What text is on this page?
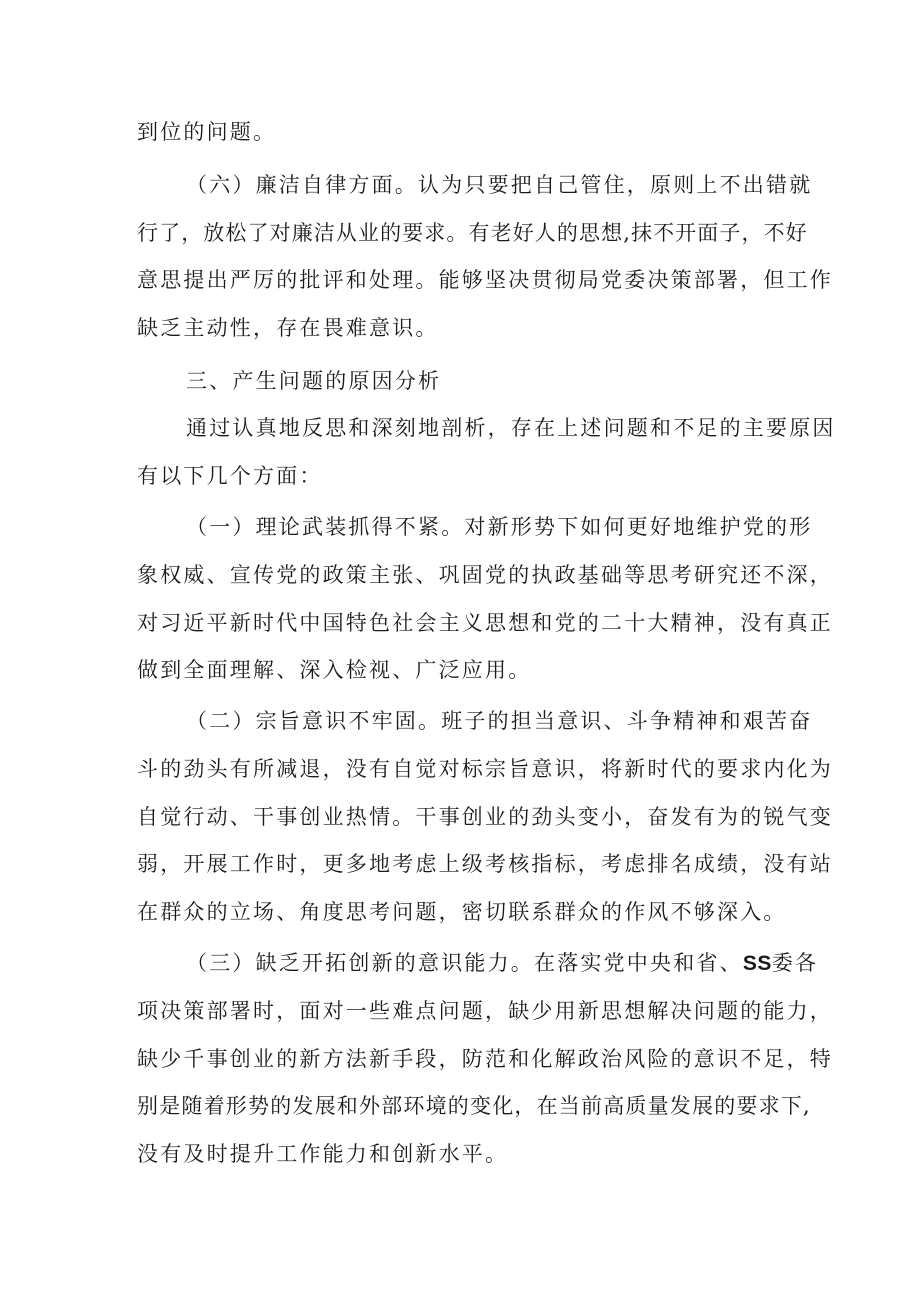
到位的问题。
（六）廉洁自律方面。认为只要把自己管住，原则上不出错就
行了，放松了对廉洁从业的要求。有老好人的思想,抹不开面子，不好
意思提出严厉的批评和处理。能够坚决贯彻局党委决策部署，但工作
缺乏主动性，存在畏难意识。
三、产生问题的原因分析
通过认真地反思和深刻地剖析，存在上述问题和不足的主要原因
有以下几个方面：
（一）理论武装抓得不紧。对新形势下如何更好地维护党的形
象权威、宣传党的政策主张、巩固党的执政基础等思考研究还不深，
对习近平新时代中国特色社会主义思想和党的二十大精神，没有真正
做到全面理解、深入检视、广泛应用。
（二）宗旨意识不牢固。班子的担当意识、斗争精神和艰苦奋
斗的劲头有所减退，没有自觉对标宗旨意识，将新时代的要求内化为
自觉行动、干事创业热情。干事创业的劲头变小，奋发有为的锐气变
弱，开展工作时，更多地考虑上级考核指标，考虑排名成绩，没有站
在群众的立场、角度思考问题，密切联系群众的作风不够深入。
（三）缺乏开拓创新的意识能力。在落实党中央和省、SS委各
项决策部署时，面对一些难点问题，缺少用新思想解决问题的能力，
缺少千事创业的新方法新手段，防范和化解政治风险的意识不足，特
别是随着形势的发展和外部环境的变化，在当前高质量发展的要求下,
没有及时提升工作能力和创新水平。
